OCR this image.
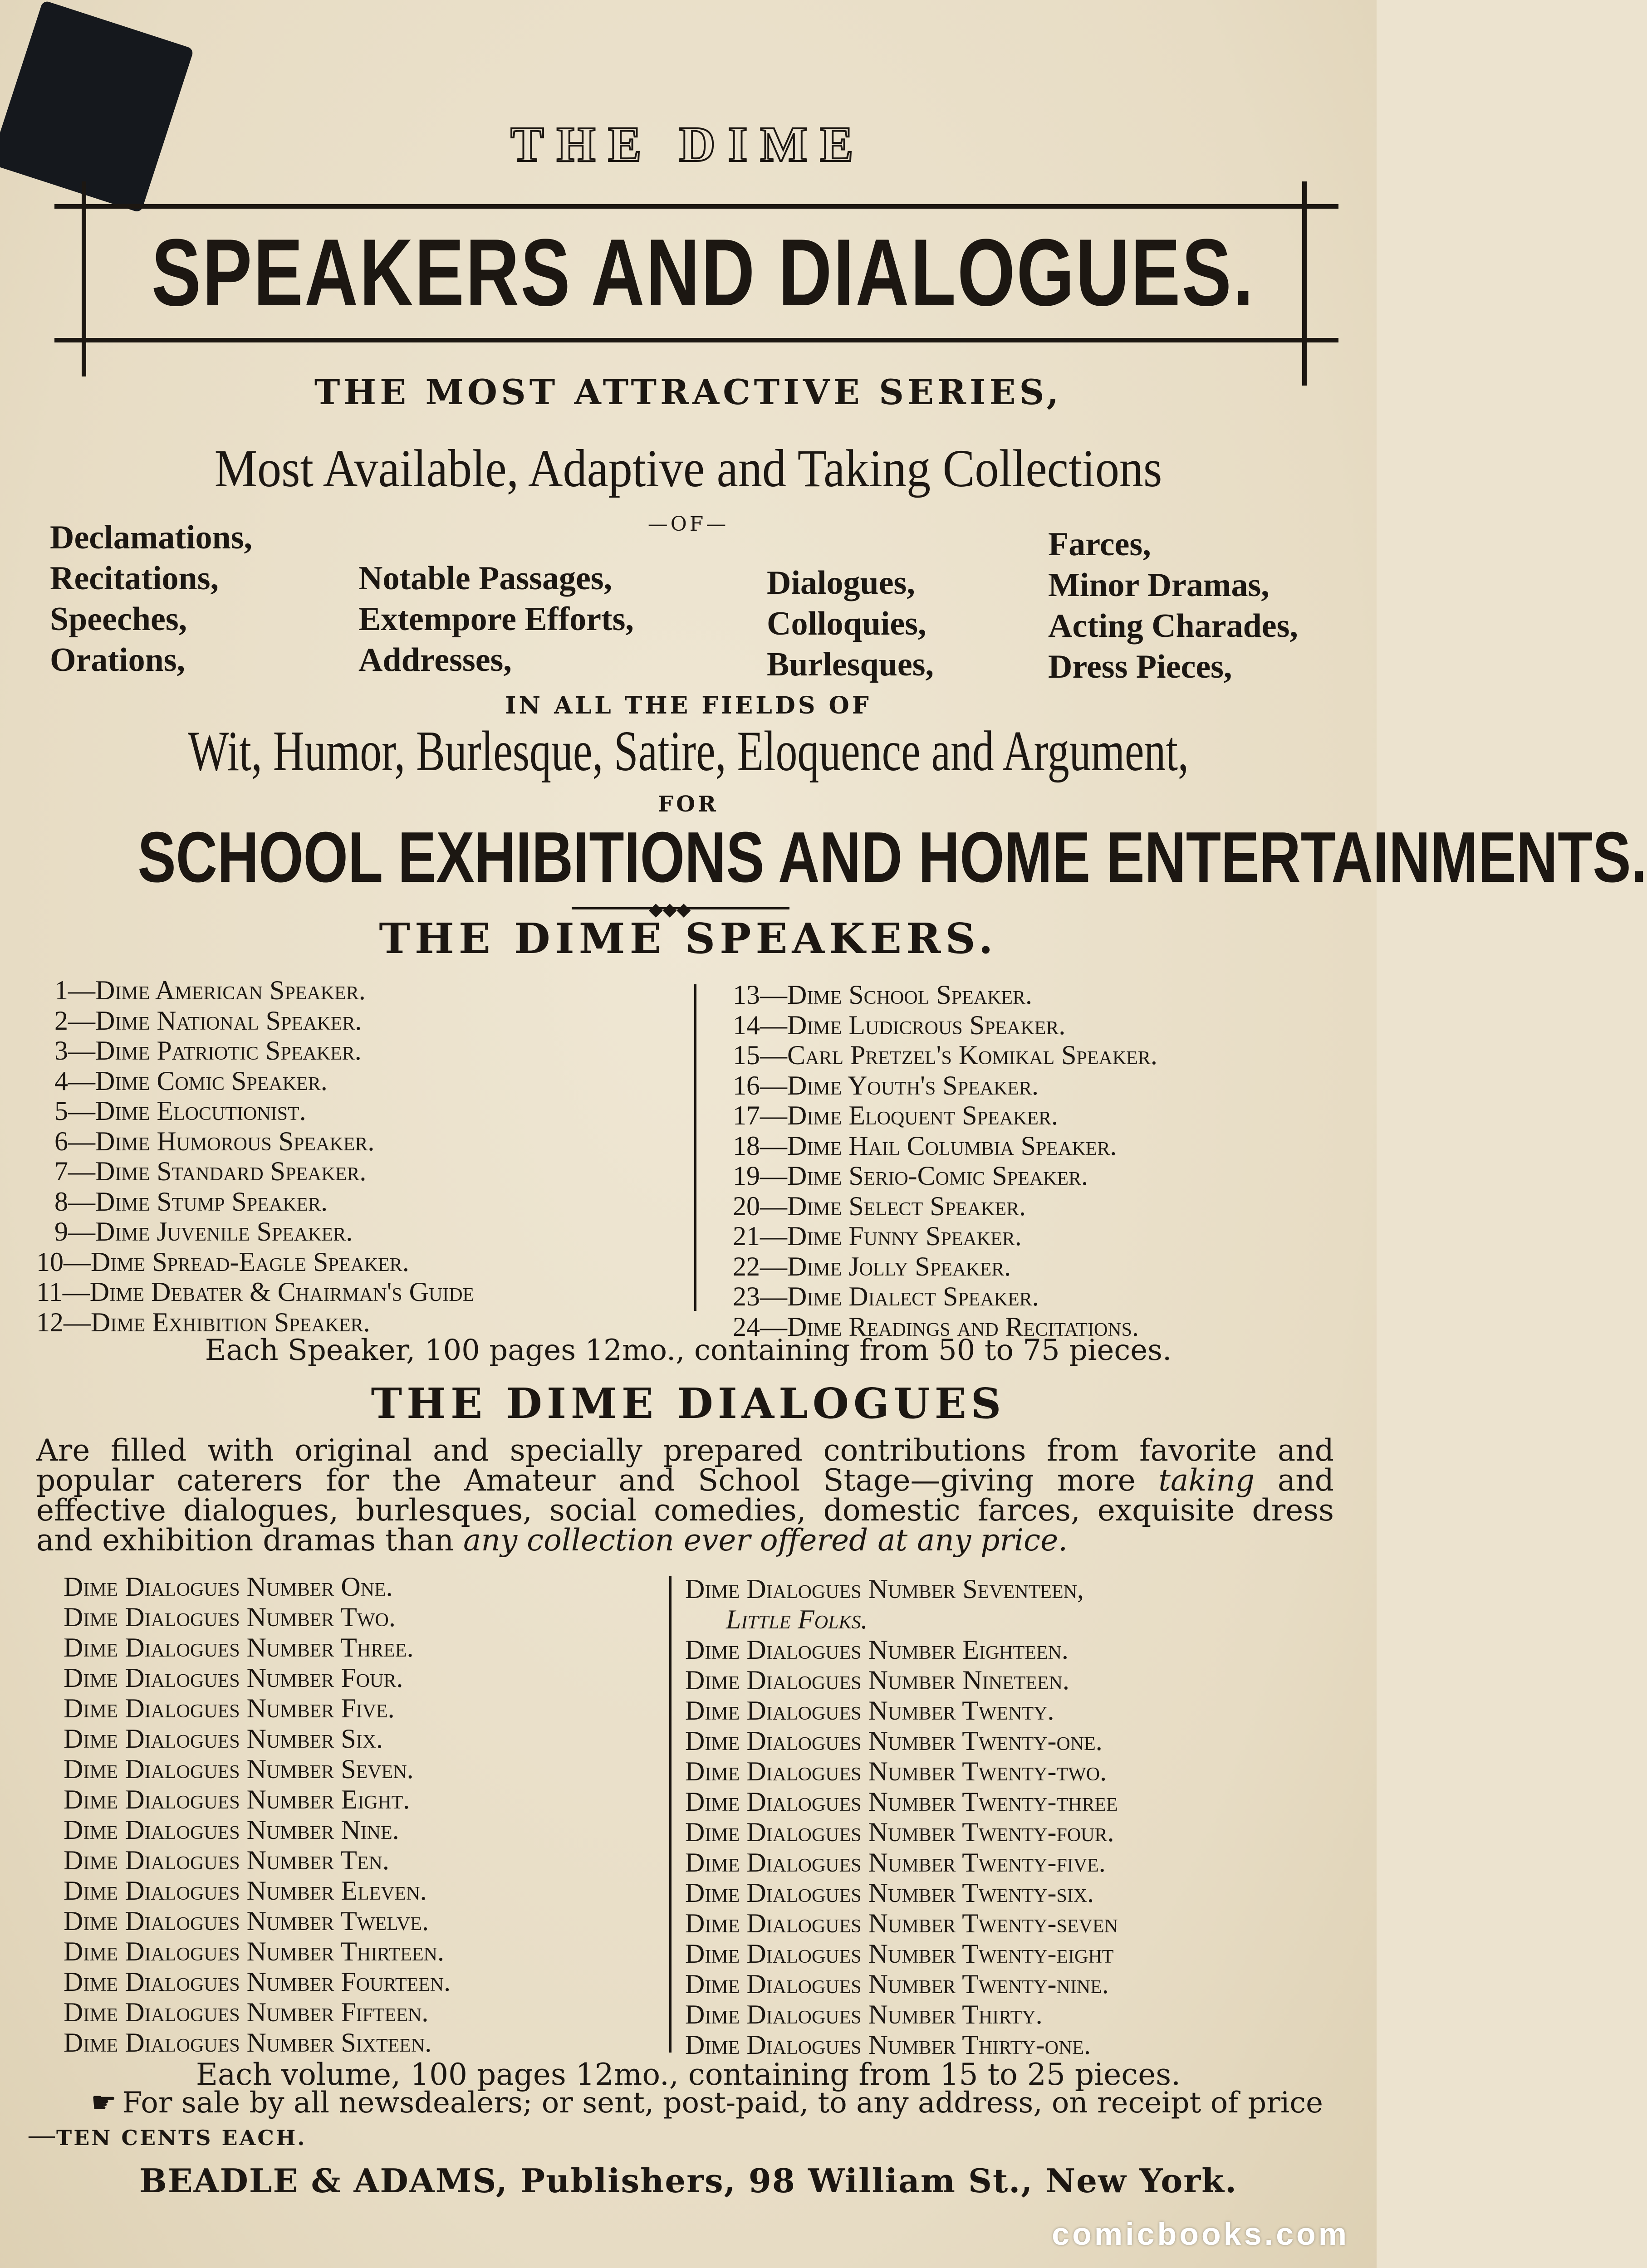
THE DIME
SPEAKERS AND DIALOGUES.
THE MOST ATTRACTIVE SERIES,
Most Available, Adaptive and Taking Collections
—OF—
Declamations,
Recitations,
Speeches,
Orations,
Notable Passages,
Extempore Efforts,
Addresses,
Dialogues,
Colloquies,
Burlesques,
Farces,
Minor Dramas,
Acting Charades,
Dress Pieces,
IN ALL THE FIELDS OF
Wit, Humor, Burlesque, Satire, Eloquence and Argument,
FOR
SCHOOL EXHIBITIONS AND HOME ENTERTAINMENTS.
◆◆◆
THE DIME SPEAKERS.
1—Dime American Speaker.
2—Dime National Speaker.
3—Dime Patriotic Speaker.
4—Dime Comic Speaker.
5—Dime Elocutionist.
6—Dime Humorous Speaker.
7—Dime Standard Speaker.
8—Dime Stump Speaker.
9—Dime Juvenile Speaker.
10—Dime Spread-Eagle Speaker.
11—Dime Debater & Chairman's Guide
12—Dime Exhibition Speaker.
13—Dime School Speaker.
14—Dime Ludicrous Speaker.
15—Carl Pretzel's Komikal Speaker.
16—Dime Youth's Speaker.
17—Dime Eloquent Speaker.
18—Dime Hail Columbia Speaker.
19—Dime Serio-Comic Speaker.
20—Dime Select Speaker.
21—Dime Funny Speaker.
22—Dime Jolly Speaker.
23—Dime Dialect Speaker.
24—Dime Readings and Recitations.
Each Speaker, 100 pages 12mo., containing from 50 to 75 pieces.
THE DIME DIALOGUES
Are filled with original and specially prepared contributions from favorite and popular caterers for the Amateur and School Stage—giving more taking and effective dialogues, burlesques, social comedies, domestic farces, exquisite dress and exhibition dramas than any collection ever offered at any price.
Dime Dialogues Number One.
Dime Dialogues Number Two.
Dime Dialogues Number Three.
Dime Dialogues Number Four.
Dime Dialogues Number Five.
Dime Dialogues Number Six.
Dime Dialogues Number Seven.
Dime Dialogues Number Eight.
Dime Dialogues Number Nine.
Dime Dialogues Number Ten.
Dime Dialogues Number Eleven.
Dime Dialogues Number Twelve.
Dime Dialogues Number Thirteen.
Dime Dialogues Number Fourteen.
Dime Dialogues Number Fifteen.
Dime Dialogues Number Sixteen.
Dime Dialogues Number Seventeen,
Little Folks.
Dime Dialogues Number Eighteen.
Dime Dialogues Number Nineteen.
Dime Dialogues Number Twenty.
Dime Dialogues Number Twenty-one.
Dime Dialogues Number Twenty-two.
Dime Dialogues Number Twenty-three
Dime Dialogues Number Twenty-four.
Dime Dialogues Number Twenty-five.
Dime Dialogues Number Twenty-six.
Dime Dialogues Number Twenty-seven
Dime Dialogues Number Twenty-eight
Dime Dialogues Number Twenty-nine.
Dime Dialogues Number Thirty.
Dime Dialogues Number Thirty-one.
Each volume, 100 pages 12mo., containing from 15 to 25 pieces.
☛ For sale by all newsdealers; or sent, post-paid, to any address, on receipt of price—TEN CENTS EACH.
BEADLE & ADAMS, Publishers, 98 William St., New York.
comicbooks.com
